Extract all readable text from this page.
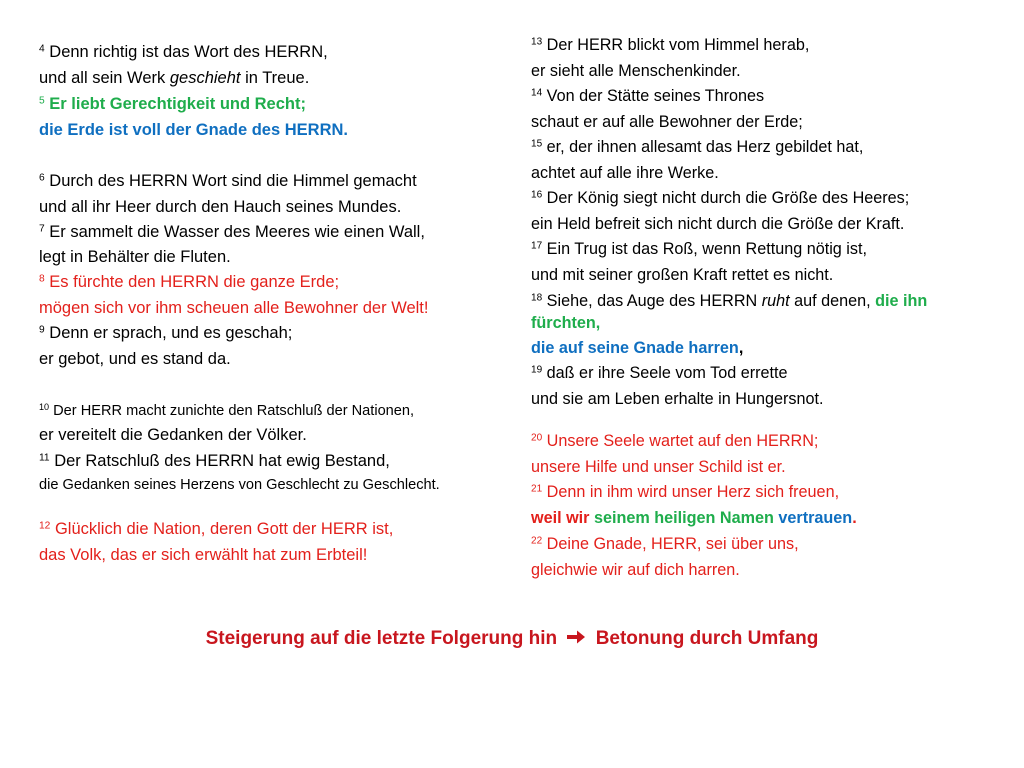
$^4$ Denn richtig ist das Wort des HERRN,
und all sein Werk geschieht in Treue.
$^5$ Er liebt Gerechtigkeit und Recht;
die Erde ist voll der Gnade des HERRN.
$^6$ Durch des HERRN Wort sind die Himmel gemacht
und all ihr Heer durch den Hauch seines Mundes.
$^7$ Er sammelt die Wasser des Meeres wie einen Wall,
legt in Behälter die Fluten.
$^8$ Es fürchte den HERRN die ganze Erde;
mögen sich vor ihm scheuen alle Bewohner der Welt!
$^9$ Denn er sprach, und es geschah;
er gebot, und es stand da.
$^{10}$ Der HERR macht zunichte den Ratschluß der Nationen,
er vereitelt die Gedanken der Völker.
$^{11}$ Der Ratschluß des HERRN hat ewig Bestand,
die Gedanken seines Herzens von Geschlecht zu Geschlecht.
$^{12}$ Glücklich die Nation, deren Gott der HERR ist,
das Volk, das er sich erwählt hat zum Erbteil!
$^{13}$ Der HERR blickt vom Himmel herab,
er sieht alle Menschenkinder.
$^{14}$ Von der Stätte seines Thrones
schaut er auf alle Bewohner der Erde;
$^{15}$ er, der ihnen allesamt das Herz gebildet hat,
achtet auf alle ihre Werke.
$^{16}$ Der König siegt nicht durch die Größe des Heeres;
ein Held befreit sich nicht durch die Größe der Kraft.
$^{17}$ Ein Trug ist das Roß, wenn Rettung nötig ist,
und mit seiner großen Kraft rettet es nicht.
$^{18}$ Siehe, das Auge des HERRN ruht auf denen, die ihn
fürchten,
die auf seine Gnade harren,
$^{19}$ daß er ihre Seele vom Tod errette
und sie am Leben erhalte in Hungersnot.
$^{20}$ Unsere Seele wartet auf den HERRN;
unsere Hilfe und unser Schild ist er.
$^{21}$ Denn in ihm wird unser Herz sich freuen,
weil wir seinem heiligen Namen vertrauen.
$^{22}$ Deine Gnade, HERR, sei über uns,
gleichwie wir auf dich harren.
Steigerung auf die letzte Folgerung hin Betonung durch Umfang
